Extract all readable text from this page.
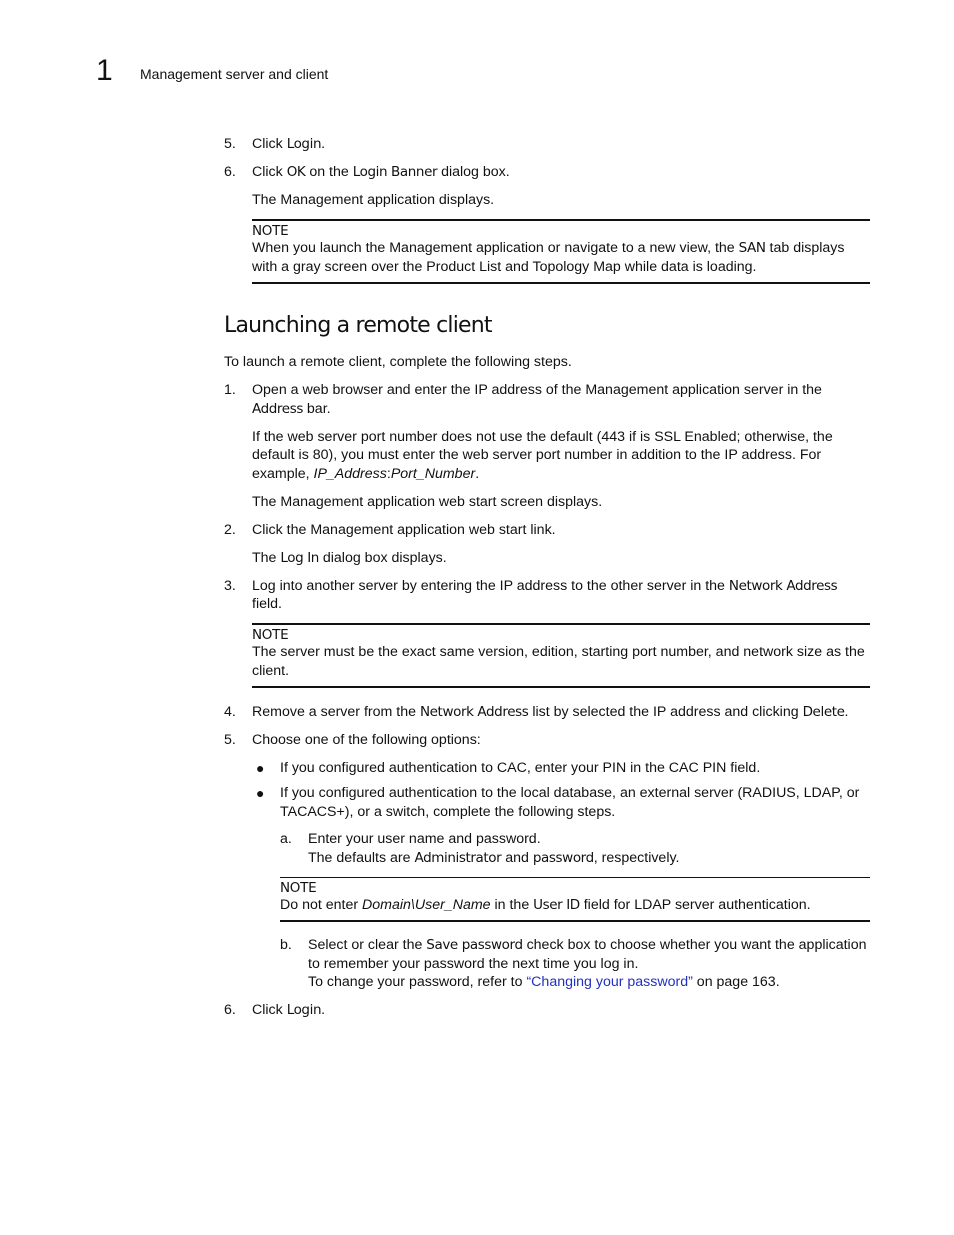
1 Management server and client
5. Click Login.
6. Click OK on the Login Banner dialog box.
The Management application displays.
NOTE
When you launch the Management application or navigate to a new view, the SAN tab displays with a gray screen over the Product List and Topology Map while data is loading.
Launching a remote client
To launch a remote client, complete the following steps.
1. Open a web browser and enter the IP address of the Management application server in the Address bar.
If the web server port number does not use the default (443 if is SSL Enabled; otherwise, the default is 80), you must enter the web server port number in addition to the IP address. For example, IP_Address:Port_Number.
The Management application web start screen displays.
2. Click the Management application web start link.
The Log In dialog box displays.
3. Log into another server by entering the IP address to the other server in the Network Address field.
NOTE
The server must be the exact same version, edition, starting port number, and network size as the client.
4. Remove a server from the Network Address list by selected the IP address and clicking Delete.
5. Choose one of the following options:
● If you configured authentication to CAC, enter your PIN in the CAC PIN field.
● If you configured authentication to the local database, an external server (RADIUS, LDAP, or TACACS+), or a switch, complete the following steps.
a. Enter your user name and password.
The defaults are Administrator and password, respectively.
NOTE
Do not enter Domain\User_Name in the User ID field for LDAP server authentication.
b. Select or clear the Save password check box to choose whether you want the application to remember your password the next time you log in.
To change your password, refer to “Changing your password” on page 163.
6. Click Login.
